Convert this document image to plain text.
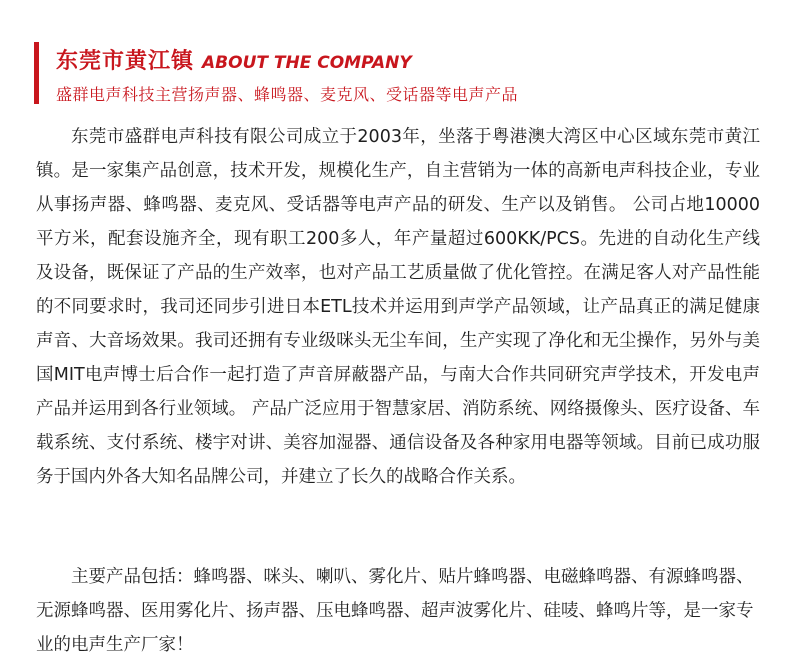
东莞市黄江镇 ABOUT THE COMPANY
盛群电声科技主营扬声器、蜂鸣器、麦克风、受话器等电声产品

东莞市盛群电声科技有限公司成立于2003年，坐落于粤港澳大湾区中心区域东莞市黄江镇。是一家集产品创意，技术开发，规模化生产，自主营销为一体的高新电声科技企业，专业从事扬声器、蜂鸣器、麦克风、受话器等电声产品的研发、生产以及销售。 公司占地10000平方米，配套设施齐全，现有职工200多人，年产量超过600KK/PCS。先进的自动化生产线及设备，既保证了产品的生产效率，也对产品工艺质量做了优化管控。在满足客人对产品性能的不同要求时，我司还同步引进日本ETL技术并运用到声学产品领域，让产品真正的满足健康声音、大音场效果。我司还拥有专业级咪头无尘车间，生产实现了净化和无尘操作，另外与美国MIT电声博士后合作一起打造了声音屏蔽器产品，与南大合作共同研究声学技术，开发电声产品并运用到各行业领域。 产品广泛应用于智慧家居、消防系统、网络摄像头、医疗设备、车载系统、支付系统、楼宇对讲、美容加湿器、通信设备及各种家用电器等领域。目前已成功服务于国内外各大知名品牌公司，并建立了长久的战略合作关系。

主要产品包括：蜂鸣器、咪头、喇叭、雾化片、贴片蜂鸣器、电磁蜂鸣器、有源蜂鸣器、无源蜂鸣器、医用雾化片、扬声器、压电蜂鸣器、超声波雾化片、硅唛、蜂鸣片等，是一家专业的电声生产厂家！
